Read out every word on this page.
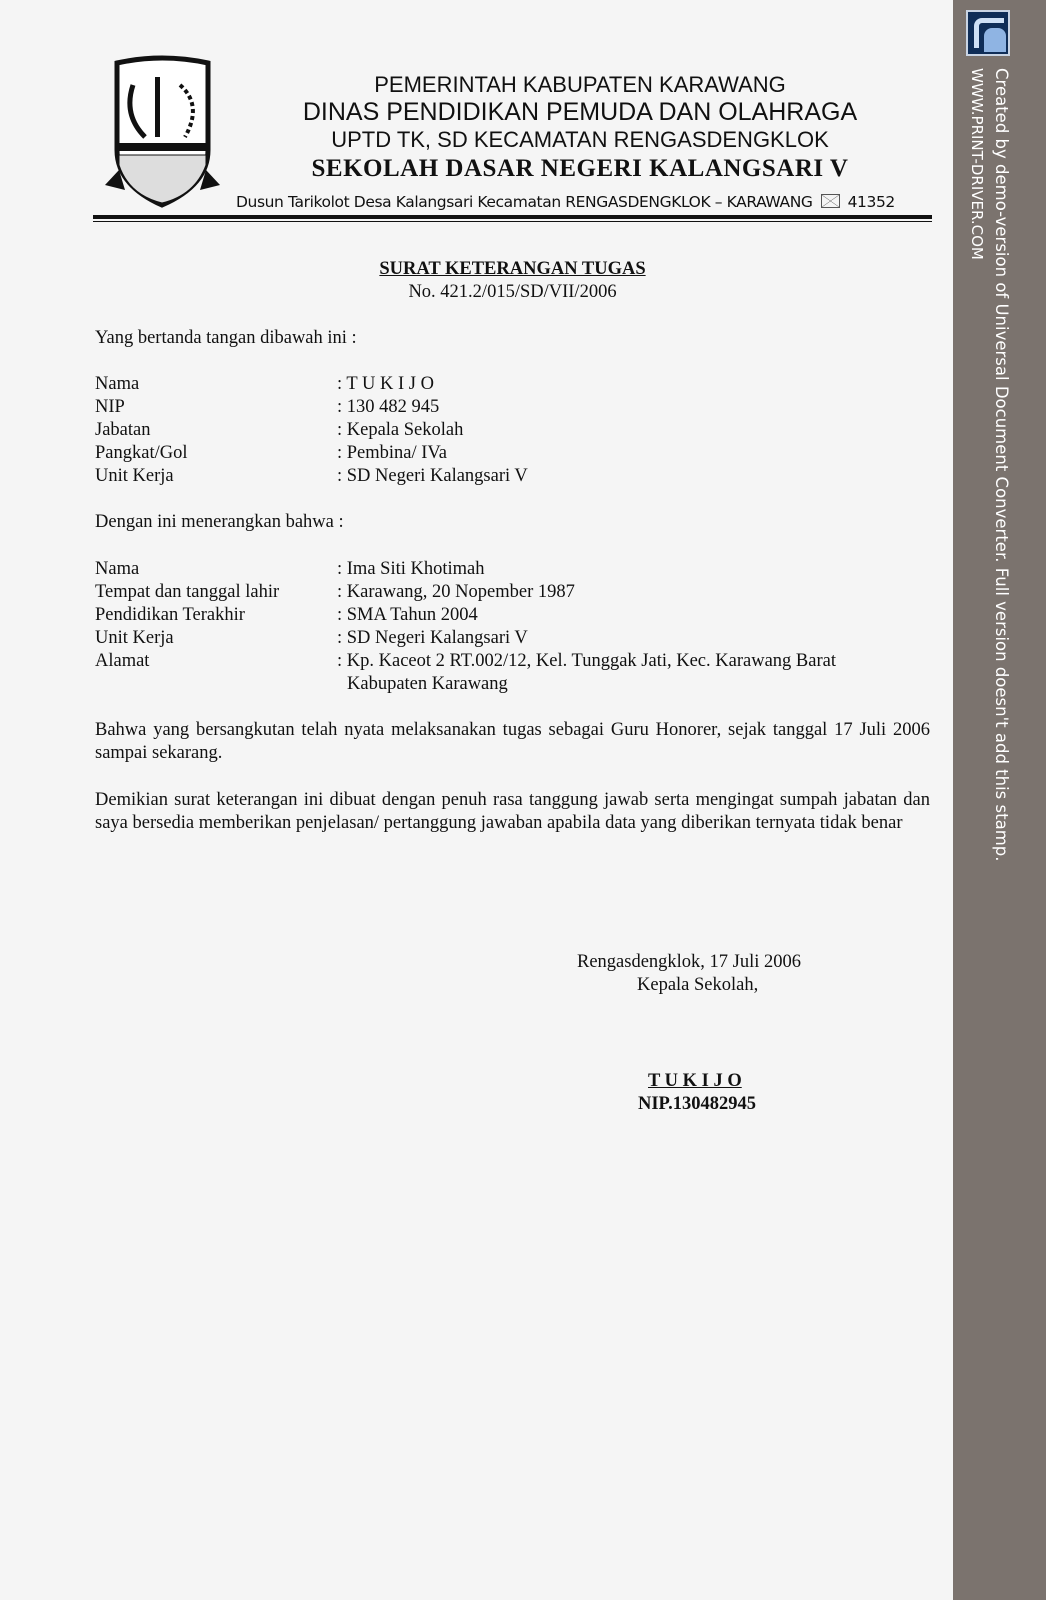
PEMERINTAH KABUPATEN KARAWANG
DINAS PENDIDIKAN PEMUDA DAN OLAHRAGA
UPTD TK, SD KECAMATAN RENGASDENGKLOK
SEKOLAH DASAR NEGERI KALANGSARI V
Dusun Tarikolot Desa Kalangsari Kecamatan RENGASDENGKLOK – KARAWANG 41352
SURAT KETERANGAN TUGAS
No. 421.2/015/SD/VII/2006
Yang bertanda tangan dibawah ini :
Nama	: T U K I J O
NIP	: 130 482 945
Jabatan	: Kepala Sekolah
Pangkat/Gol	: Pembina/ IVa
Unit Kerja	: SD Negeri Kalangsari V
Dengan ini menerangkan bahwa :
Nama	: Ima Siti Khotimah
Tempat dan tanggal lahir	: Karawang, 20 Nopember 1987
Pendidikan Terakhir	: SMA Tahun 2004
Unit Kerja	: SD Negeri Kalangsari V
Alamat	: Kp. Kaceot 2 RT.002/12, Kel. Tunggak Jati, Kec. Karawang Barat
Kabupaten Karawang
Bahwa yang bersangkutan telah nyata melaksanakan tugas sebagai Guru Honorer, sejak tanggal 17 Juli 2006 sampai sekarang.
Demikian surat keterangan ini dibuat dengan penuh rasa tanggung jawab serta mengingat sumpah jabatan dan saya bersedia memberikan penjelasan/ pertanggung jawaban apabila data yang diberikan ternyata tidak benar
Rengasdengklok, 17 Juli 2006
Kepala Sekolah,
T U K I J O
NIP.130482945
Created by demo-version of Universal Document Converter. Full version doesn't add this stamp.
WWW.PRINT-DRIVER.COM
